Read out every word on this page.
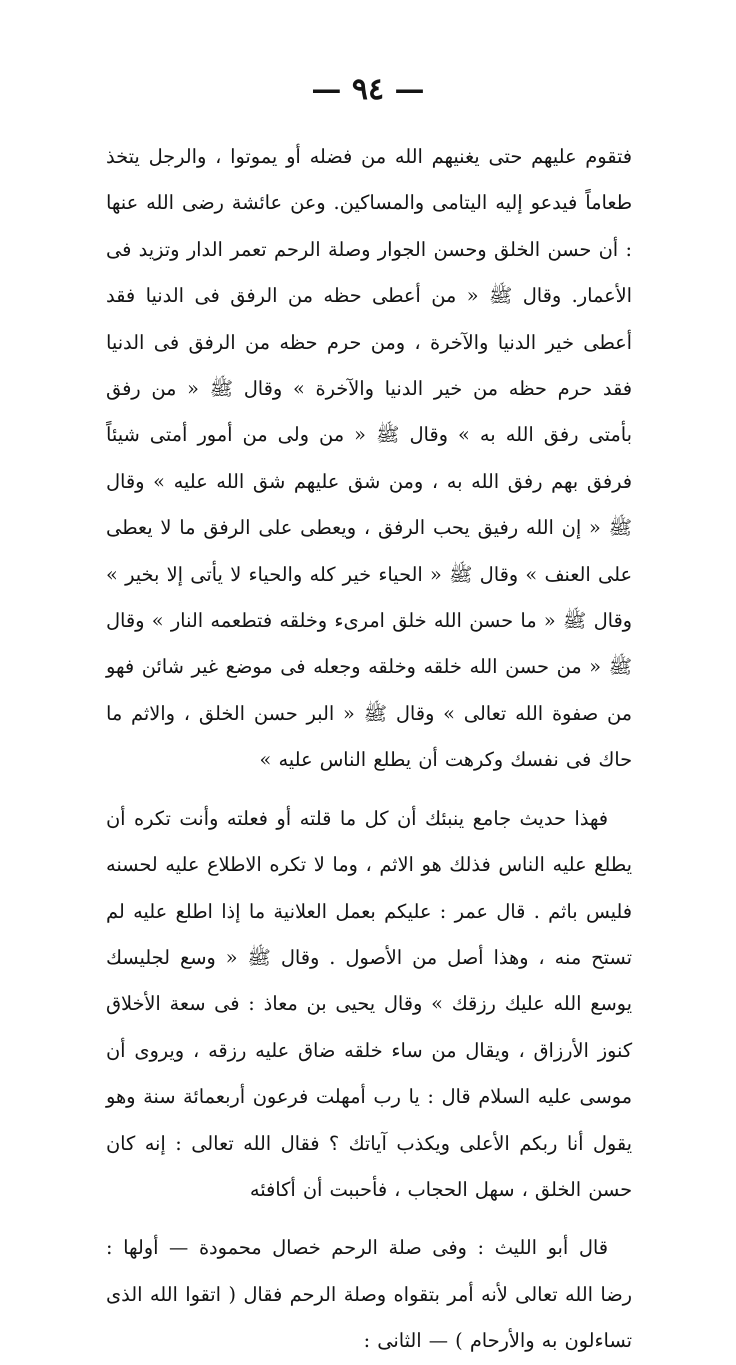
— ٩٤ —

فتقوم عليهم حتى يغنيهم الله من فضله أو يموتوا ، والرجل يتخذ طعاماً فيدعو إليه اليتامى والمساكين. وعن عائشة رضى الله عنها : أن حسن الخلق وحسن الجوار وصلة الرحم تعمر الدار وتزيد فى الأعمار. وقال ﷺ « من أعطى حظه من الرفق فى الدنيا فقد أعطى خير الدنيا والآخرة ، ومن حرم حظه من الرفق فى الدنيا فقد حرم حظه من خير الدنيا والآخرة » وقال ﷺ « من رفق بأمتى رفق الله به » وقال ﷺ « من ولى من أمور أمتى شيئاً فرفق بهم رفق الله به ، ومن شق عليهم شق الله عليه » وقال ﷺ « إن الله رفيق يحب الرفق ، ويعطى على الرفق ما لا يعطى على العنف » وقال ﷺ « الحياء خير كله والحياء لا يأتى إلا بخير » وقال ﷺ « ما حسن الله خلق امرىء وخلقه فتطعمه النار » وقال ﷺ « من حسن الله خلقه وخلقه وجعله فى موضع غير شائن فهو من صفوة الله تعالى » وقال ﷺ « البر حسن الخلق ، والاثم ما حاك فى نفسك وكرهت أن يطلع الناس عليه »

فهذا حديث جامع ينبئك أن كل ما قلته أو فعلته وأنت تكره أن يطلع عليه الناس فذلك هو الاثم ، وما لا تكره الاطلاع عليه لحسنه فليس باثم . قال عمر : عليكم بعمل العلانية ما إذا اطلع عليه لم تستح منه ، وهذا أصل من الأصول . وقال ﷺ « وسع لجليسك يوسع الله عليك رزقك » وقال يحيى بن معاذ : فى سعة الأخلاق كنوز الأرزاق ، ويقال من ساء خلقه ضاق عليه رزقه ، ويروى أن موسى عليه السلام قال : يا رب أمهلت فرعون أربعمائة سنة وهو يقول أنا ربكم الأعلى ويكذب آياتك ؟ فقال الله تعالى : إنه كان حسن الخلق ، سهل الحجاب ، فأحببت أن أكافئه

قال أبو الليث : وفى صلة الرحم خصال محمودة — أولها : رضا الله تعالى لأنه أمر بتقواه وصلة الرحم فقال ( اتقوا الله الذى تساءلون به والأرحام ) — الثانى :
